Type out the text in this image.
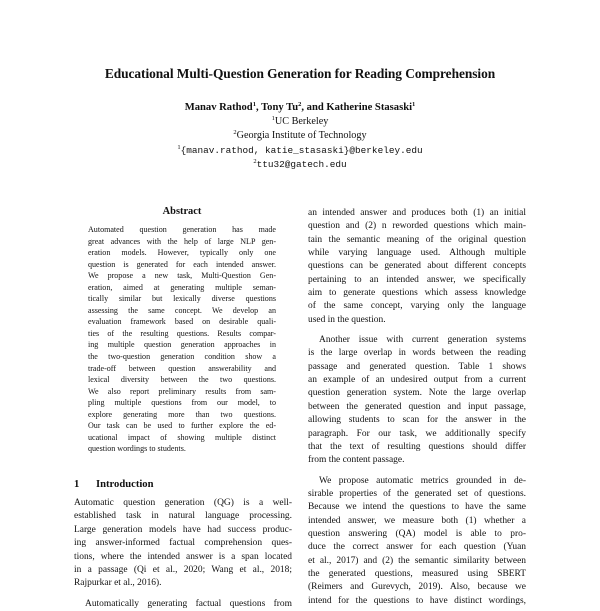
Educational Multi-Question Generation for Reading Comprehension
Manav Rathod$^1$, Tony Tu$^2$, and Katherine Stasaski$^1$
$^1$UC Berkeley
$^2$Georgia Institute of Technology
$^1${manav.rathod, katie_stasaski}@berkeley.edu
$^2$ttu32@gatech.edu
Abstract
Automated question generation has made
great advances with the help of large NLP gen-
eration models. However, typically only one
question is generated for each intended answer.
We propose a new task, Multi-Question Gen-
eration, aimed at generating multiple seman-
tically similar but lexically diverse questions
assessing the same concept. We develop an
evaluation framework based on desirable quali-
ties of the resulting questions. Results compar-
ing multiple question generation approaches in
the two-question generation condition show a
trade-off between question answerability and
lexical diversity between the two questions.
We also report preliminary results from sam-
pling multiple questions from our model, to
explore generating more than two questions.
Our task can be used to further explore the ed-
ucational impact of showing multiple distinct
question wordings to students.
1 Introduction
Automatic question generation (QG) is a well-
established task in natural language processing.
Large generation models have had success produc-
ing answer-informed factual comprehension ques-
tions, where the intended answer is a span located
in a passage (Qi et al., 2020; Wang et al., 2018;
Rajpurkar et al., 2016).
Automatically generating factual questions from
an intended answer and produces both (1) an initial
question and (2) n reworded questions which main-
tain the semantic meaning of the original question
while varying language used. Although multiple
questions can be generated about different concepts
pertaining to an intended answer, we specifically
aim to generate questions which assess knowledge
of the same concept, varying only the language
used in the question.
Another issue with current generation systems
is the large overlap in words between the reading
passage and generated question. Table 1 shows
an example of an undesired output from a current
question generation system. Note the large overlap
between the generated question and input passage,
allowing students to scan for the answer in the
paragraph. For our task, we additionally specify
that the text of resulting questions should differ
from the content passage.
We propose automatic metrics grounded in de-
sirable properties of the generated set of questions.
Because we intend the questions to have the same
intended answer, we measure both (1) whether a
question answering (QA) model is able to pro-
duce the correct answer for each question (Yuan
et al., 2017) and (2) the semantic similarity between
the generated questions, measured using SBERT
(Reimers and Gurevych, 2019). Also, because we
intend for the questions to have distinct wordings,
